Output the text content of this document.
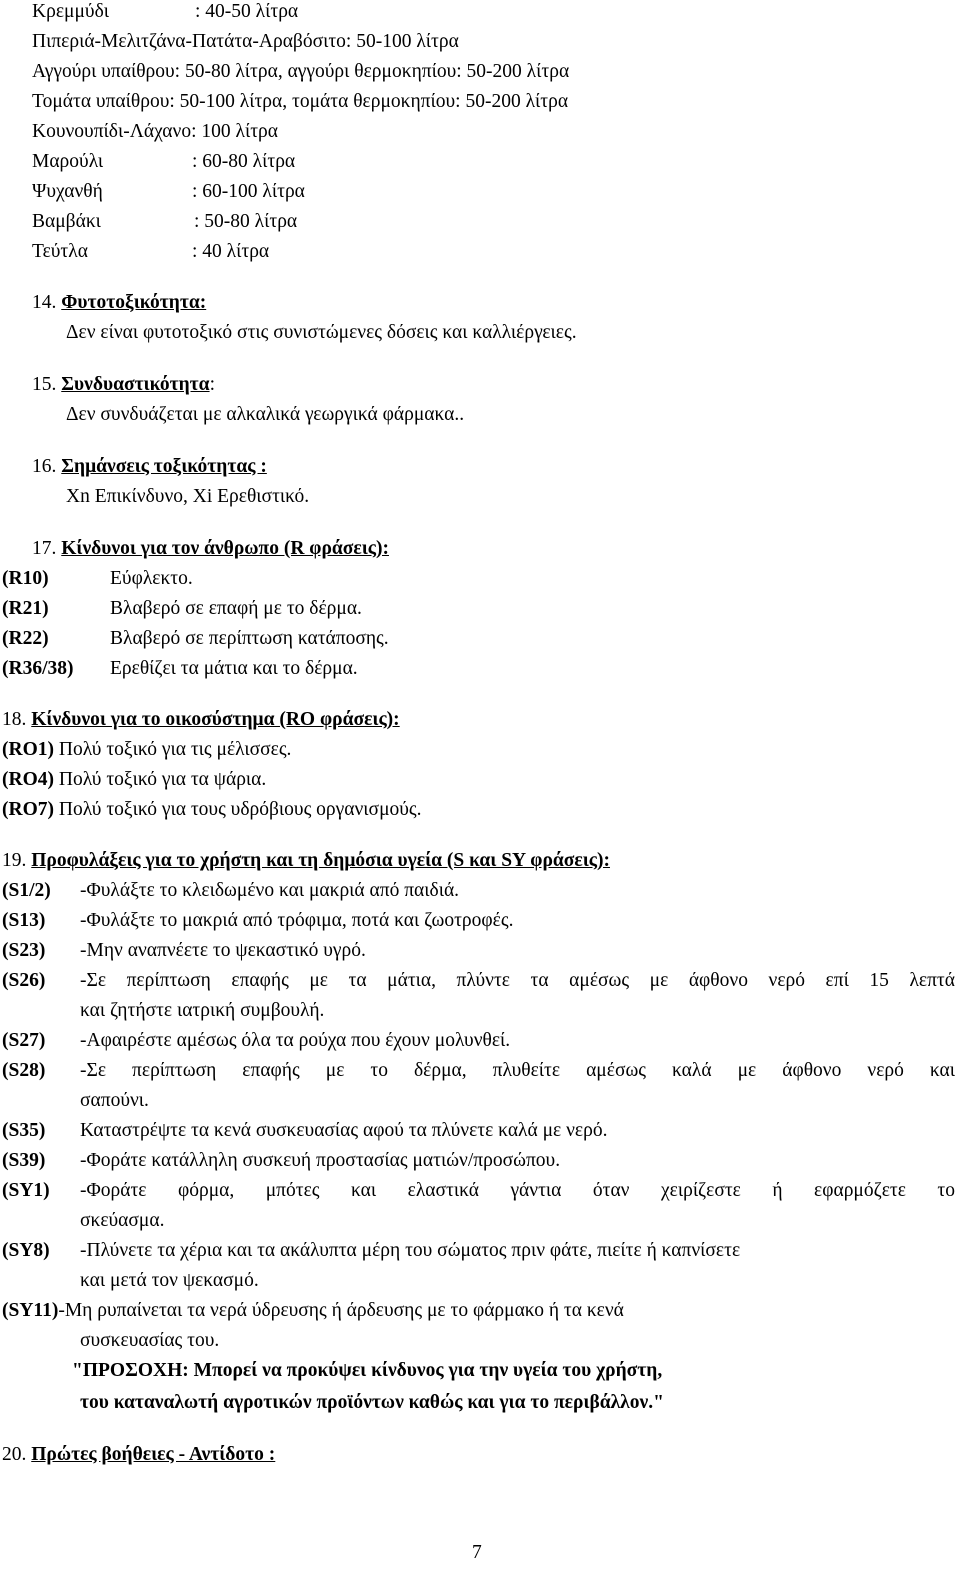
Κρεμμύδι	: 40-50 λίτρα
Πιπεριά-Μελιτζάνα-Πατάτα-Αραβόσιτο: 50-100 λίτρα
Αγγούρι υπαίθρου: 50-80 λίτρα, αγγούρι θερμοκηπίου: 50-200 λίτρα
Τομάτα υπαίθρου: 50-100 λίτρα, τομάτα θερμοκηπίου: 50-200 λίτρα
Κουνουπίδι-Λάχανο: 100 λίτρα
Μαρούλι	: 60-80 λίτρα
Ψυχανθή	: 60-100 λίτρα
Βαμβάκι	: 50-80 λίτρα
Τεύτλα	: 40 λίτρα
14. Φυτοτοξικότητα:
Δεν είναι φυτοτοξικό στις συνιστώμενες δόσεις και καλλιέργειες.
15. Συνδυαστικότητα:
Δεν συνδυάζεται με αλκαλικά γεωργικά φάρμακα..
16. Σημάνσεις τοξικότητας :
Xn Επικίνδυνο, Xi Ερεθιστικό.
17. Κίνδυνοι για τον άνθρωπο (R φράσεις):
(R10)	Εύφλεκτο.
(R21)	Βλαβερό σε επαφή με το δέρμα.
(R22)	Βλαβερό σε περίπτωση κατάποσης.
(R36/38) Ερεθίζει τα μάτια και το δέρμα.
18. Κίνδυνοι για το οικοσύστημα (RO φράσεις):
(RO1) Πολύ τοξικό για τις μέλισσες.
(RO4) Πολύ τοξικό για τα ψάρια.
(RO7) Πολύ τοξικό για τους υδρόβιους οργανισμούς.
19. Προφυλάξεις για το χρήστη και τη δημόσια υγεία (S και SY φράσεις):
(S1/2) -Φυλάξτε το κλειδωμένο και μακριά από παιδιά.
(S13) -Φυλάξτε το μακριά από τρόφιμα, ποτά και ζωοτροφές.
(S23) -Μην αναπνέετε το ψεκαστικό υγρό.
(S26) -Σε περίπτωση επαφής με τα μάτια, πλύντε τα αμέσως με άφθονο νερό επί 15 λεπτά
και ζητήστε ιατρική συμβουλή.
(S27) -Αφαιρέστε αμέσως όλα τα ρούχα που έχουν μολυνθεί.
(S28) -Σε περίπτωση επαφής με το δέρμα, πλυθείτε αμέσως καλά με άφθονο νερό και
σαπούνι.
(S35) Καταστρέψτε τα κενά συσκευασίας αφού τα πλύνετε καλά με νερό.
(S39) -Φοράτε κατάλληλη συσκευή προστασίας ματιών/προσώπου.
(SY1) -Φοράτε φόρμα, μπότες και ελαστικά γάντια όταν χειρίζεστε ή εφαρμόζετε το
σκεύασμα.
(SY8) -Πλύνετε τα χέρια και τα ακάλυπτα μέρη του σώματος πριν φάτε, πιείτε ή καπνίσετε
και μετά τον ψεκασμό.
(SY11)-Μη ρυπαίνεται τα νερά ύδρευσης ή άρδευσης με το φάρμακο ή τα κενά
συσκευασίας του.
"ΠΡΟΣΟΧΗ: Μπορεί να προκύψει κίνδυνος για την υγεία του χρήστη,
του καταναλωτή αγροτικών προϊόντων καθώς και για το περιβάλλον."
20. Πρώτες βοήθειες - Αντίδοτο :
7
